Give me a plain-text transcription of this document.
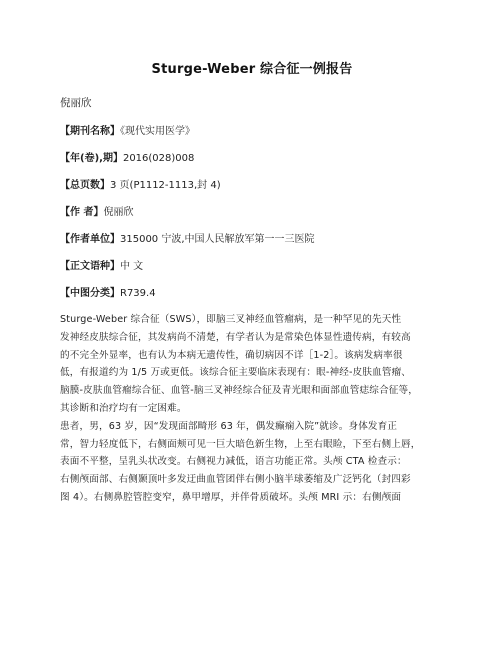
Sturge-Weber 综合征一例报告
倪丽欣
【期刊名称】《现代实用医学》
【年(卷),期】2016(028)008
【总页数】3 页(P1112-1113,封 4)
【作 者】倪丽欣
【作者单位】315000 宁波,中国人民解放军第一一三医院
【正文语种】中 文
【中图分类】R739.4
Sturge-Weber 综合征（SWS），即脑三叉神经血管瘤病，是一种罕见的先天性
发神经皮肤综合征，其发病尚不清楚，有学者认为是常染色体显性遗传病，有较高
的不完全外显率，也有认为本病无遗传性，确切病因不详［1-2］。该病发病率很
低，有报道约为 1/5 万或更低。该综合征主要临床表现有：眼-神经-皮肤血管瘤、
脑膜-皮肤血管瘤综合征、血管-脑三叉神经综合征及青光眼和面部血管痣综合征等，
其诊断和治疗均有一定困难。
患者，男，63 岁，因“发现面部畸形 63 年，偶发癫痫入院”就诊。身体发育正
常，智力轻度低下，右侧面颊可见一巨大暗色新生物，上至右眼睑，下至右侧上唇，
表面不平整，呈乳头状改变。右侧视力减低，语言功能正常。头颅 CTA 检查示：
右侧颅面部、右侧颞顶叶多发迂曲血管团伴右侧小脑半球萎缩及广泛钙化（封四彩
图 4）。右侧鼻腔管腔变窄，鼻甲增厚，并伴骨质破坏。头颅 MRI 示：右侧颅面
